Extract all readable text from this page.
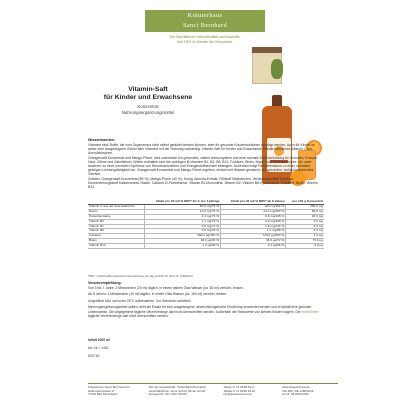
Kräuterhaus
Sanct Bernhard
Der Spezialist für Naturheilmittel und Kosmetik.
Seit 1903 im Dienste der Gesundheit.
Vitamin-Saft
für Kinder und Erwachsene
Konzentrat
Nahrungsergänzungsmittel
Wissenswertes:

Vitamine sind Stoffe, die vom Organismus nicht selbst gebildet werden können, aber für gesunde Körperfunktionen benötigt werden. Auch für Kinder ist daher eine ausgewogene Zufuhr aller Vitamine mit der Nahrung notwendig. Vitamin-Saft für Kinder und Erwachsene enthält natürliches Vitamin C aus Acerolakirschen,

Orangensaft-Konzentrat und Mango-Püree, dies unterstützt ein gesundes, vitales Immunsystem und eine normale Knochenbildung für Knochen, Knorpel, Haut, Zähne und Zahnfleisch. Weiter enthalten sind die wichtigen B-Vitamine B1, B2, B6, B12, Folsäure, Biotin, Niacin und Pantothensäure, die unter anderem zu einer normalen Synthese von Neurotransmittern und Energiestoffwechsel beitragen. Außerdem trägt Pantothensäure zu einer normalen geistigen Leistungsfähigkeit bei. Orangensaft-Konzentrat und Mango-Püree ergeben, einfach mit Wasser gemischt, ein gesundes, wohlschmeckendes Getränk.

Zutaten: Orangensaft-Konzentrat (59 %), Mango-Püree (40 %), Honig, Acerola-Extrakt, Füllstoff Maltodextrin, Verdickungsmittel Xanthan, Konservierungsstoff Kaliumsorbat, Niacin, Calcium-D-Pantothenat, Vitamin B1-Mononitrat, Vitamin B2, Vitamin B6-Hydrochlorid, Folsäure, Biotin, Vitamin B12.

	Inhalt pro 20 ml/ % NRV* für 3- bis 7-jährige	Inhalt pro 40 ml/ % NRV* ab 8 Jahren	pro 100 g Konzentrat
Vitamin C aus der Acerolakirsche	60,0 mg/75 %	120 mg/150 %	250,0 mg
Niacin	12,0 mg/75 %	24,0 mg/150 %	50,0 mg
Pantothensäure	4,4 mg/73 %	8,8 mg/146 %	18,3 mg
Vitamin B2	1,1 mg/79 %	2,2 mg/158 %	4,6 mg
Vitamin B1	0,8 mg/73 %	1,6 mg/146 %	3,3 mg
Vitamin B6	0,6 mg/43 %	1,2 mg/86 %	2,5 mg
Folsäure	360,0 µg/180 %	720,0 µg/360 %	1,5 mg
Biotin	18,0 µg/36 %	36,0 µg/72 %	75,0 µg
Vitamin B12	1,2 µg/48 %	2,4 µg/96 %	5,0 µg
*NRV = Nährstoffbezugswert für Erwachsene pro Tag gemäß VO (EU) Nr. 1169/2011
Verzehrempfehlung:

Von 3 bis 7 Jahre: 2 Messbecher (20 ml) täglich, in einem halben Glas Wasser (ca. 80 ml) verrührt, trinken.

Ab 8 Jahren: 4 Messbecher (40 ml) täglich, in einem Glas Wasser (ca. 160 ml) verrührt, trinken.

Ungeöffnet kühl und unter 25°C aufbewahren. Vor Gebrauch schütteln.

Nahrungsergänzungsmittel sollten nicht als Ersatz für eine ausgewogene, abwechslungsreiche Ernährung verwendet werden und ernsthaft eine gesunde Lebensweise. Die angegebene tägliche Verzehrmenge darf nicht überschritten werden. Außerhalb der Reichweite von kleinen Kindern lagern. Die empfohlene tägliche Verzehrmenge darf nicht überschritten werden.

Inhalt 1000 ml
Art.-Nr. / 1451
E00716
Kräuterhaus Sanct Bernhard KG
Helfensteinstraße 47
73342 Bad Ditzenbach
Sitz der Gesellschaft: 73342 Bad Ditzenbach
Geschäftsführer: Anne Schulz, Elmar Schulz
Amtsgericht Ulm HRA 720451
Telefon 0 73 34/96 54-0
Telefax 0 73 34/96 54-44
info@kraeuterhaus.de
www.kraeuterhaus.de
USt-IdNr. DE 145801116
St.-Nr. 68 000/31446
